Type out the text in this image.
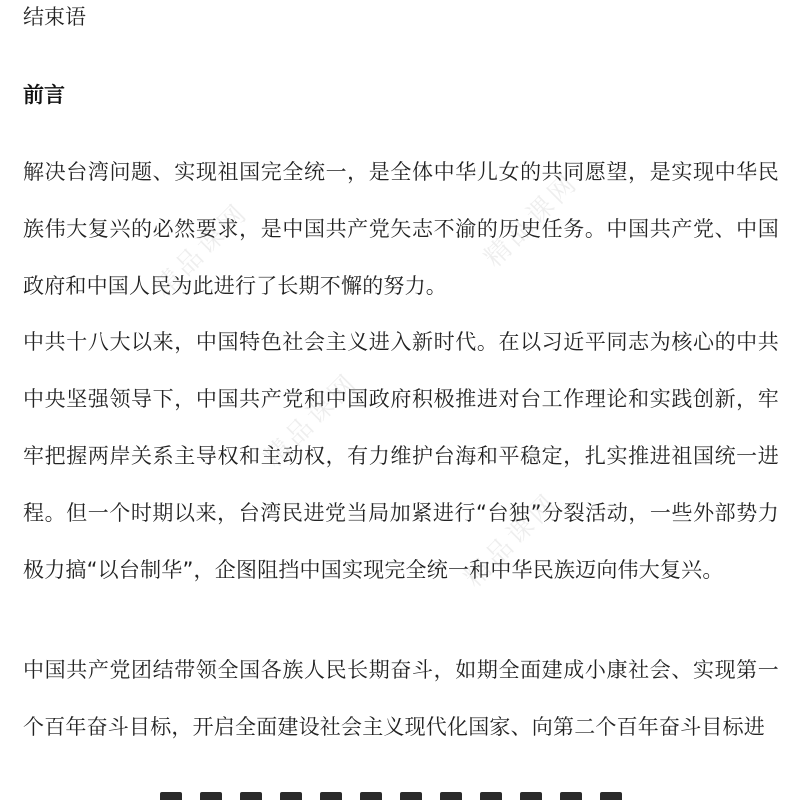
结束语
前言

解决台湾问题、实现祖国完全统一，是全体中华儿女的共同愿望，是实现中华民族伟大复兴的必然要求，是中国共产党矢志不渝的历史任务。中国共产党、中国政府和中国人民为此进行了长期不懈的努力。

中共十八大以来，中国特色社会主义进入新时代。在以习近平同志为核心的中共中央坚强领导下，中国共产党和中国政府积极推进对台工作理论和实践创新，牢牢把握两岸关系主导权和主动权，有力维护台海和平稳定，扎实推进祖国统一进程。但一个时期以来，台湾民进党当局加紧进行“台独”分裂活动，一些外部势力极力搞“以台制华”，企图阻挡中国实现完全统一和中华民族迈向伟大复兴。

中国共产党团结带领全国各族人民长期奋斗，如期全面建成小康社会、实现第一个百年奋斗目标，开启全面建设社会主义现代化国家、向第二个百年奋斗目标进

精品课网	精品课网
精品课网
精品课网
